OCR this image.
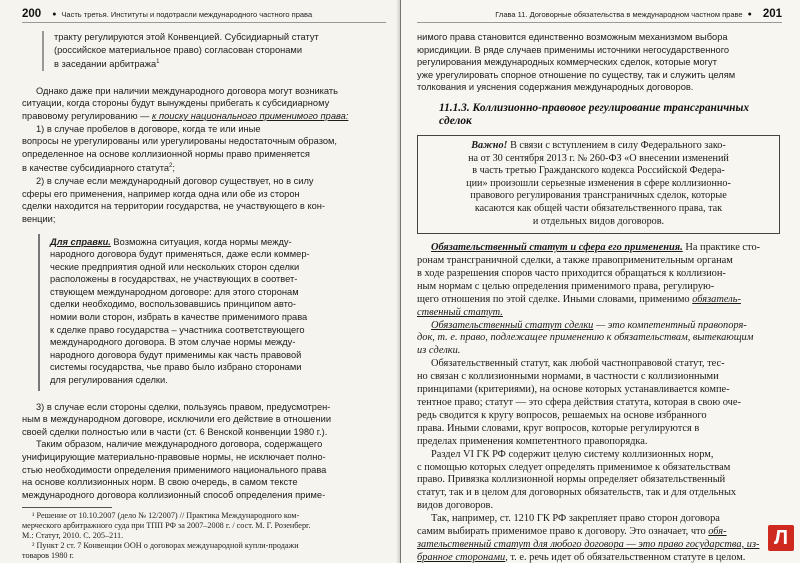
200 ● Часть третья. Институты и подотрасли международного частного права
тракту регулируются этой Конвенцией. Субсидиарный статут
(российское материальное право) согласован сторонами
в заседании арбитража$^1$
Однако даже при наличии международного договора могут возникать
ситуации, когда стороны будут вынуждены прибегать к субсидиарному
правовому регулированию — к поиску национального применимого права:
1) в случае пробелов в договоре, когда те или иные
вопросы не урегулированы или урегулированы недостаточным образом,
определенное на основе коллизионной нормы право применяется
в качестве субсидиарного статута$^2$;
2) в случае если международный договор существует, но в силу
сферы его применения, например когда одна или обе из сторон
сделки находится на территории государства, не участвующего в кон-
венции;
Для справки. Возможна ситуация, когда нормы между-
народного договора будут применяться, даже если коммер-
ческие предприятия одной или нескольких сторон сделки
расположены в государствах, не участвующих в соответ-
ствующем международном договоре: для этого сторонам
сделки необходимо, воспользовавшись принципом авто-
номии воли сторон, избрать в качестве применимого права
к сделке право государства – участника соответствующего
международного договора. В этом случае нормы между-
народного договора будут применимы как часть правовой
системы государства, чье право было избрано сторонами
для регулирования сделки.
3) в случае если стороны сделки, пользуясь правом, предусмотрен-
ным в международном договоре, исключили его действие в отношении
своей сделки полностью или в части (ст. 6 Венской конвенции 1980 г.).
Таким образом, наличие международного договора, содержащего
унифицирующие материально-правовые нормы, не исключает полно-
стью необходимости определения применимого национального права
на основе коллизионных норм. В свою очередь, в самом тексте
международного договора коллизионный способ определения приме-
¹ Решение от 10.10.2007 (дело № 12/2007) // Практика Международного ком-
мерческого арбитражного суда при ТПП РФ за 2007–2008 г. / сост. М. Г. Розенберг.
М.: Статут, 2010. С. 205–211.
² Пункт 2 ст. 7 Конвенции ООН о договорах международной купли-продажи
товаров 1980 г.
Глава 11. Договорные обязательства в международном частном праве ● 201
нимого права становится единственно возможным механизмом выбора
юрисдикции. В ряде случаев применимы источники негосударственного
регулирования международных коммерческих сделок, которые могут
уже урегулировать спорное отношение по существу, так и служить целям
толкования и уяснения содержания международных договоров.
11.1.3. Коллизионно-правовое регулирование трансграничных сделок
Важно! В связи с вступлением в силу Федерального зако-
на от 30 сентября 2013 г. № 260-ФЗ «О внесении изменений
в часть третью Гражданского кодекса Российской Федера-
ции» произошли серьезные изменения в сфере коллизионно-
правового регулирования трансграничных сделок, которые
касаются как общей части обязательственного права, так
и отдельных видов договоров.
Обязательственный статут и сфера его применения. На практике сто-
ронам трансграничной сделки, а также правоприменительным органам
в ходе разрешения споров часто приходится обращаться к коллизион-
ным нормам с целью определения применимого права, регулирую-
щего отношения по этой сделке. Иными словами, применимо обязатель-
ственный статут.
Обязательственный статут сделки — это компетентный правопоря-
док, т. е. право, подлежащее применению к обязательствам, вытекающим
из сделки.
Обязательственный статут, как любой частноправовой статут, тес-
но связан с коллизионными нормами, в частности с коллизионными
принципами (критериями), на основе которых устанавливается компе-
тентное право; статут — это сфера действия статута, которая в свою оче-
редь сводится к кругу вопросов, решаемых на основе избранного
права. Иными словами, круг вопросов, которые регулируются в
пределах применения компетентного правопорядка.
Раздел VI ГК РФ содержит целую систему коллизионных норм,
с помощью которых следует определять применимое к обязательствам
право. Привязка коллизионной нормы определяет обязательственный
статут, так и в целом для договорных обязательств, так и для отдельных
видов договоров.
Так, например, ст. 1210 ГК РФ закрепляет право сторон договора
самим выбирать применимое право к договору. Это означает, что обя-
зательственный статут для любого договора — это право государства, из-
бранное сторонами, т. е. речь идет об обязательственном статуте в целом.
Л
